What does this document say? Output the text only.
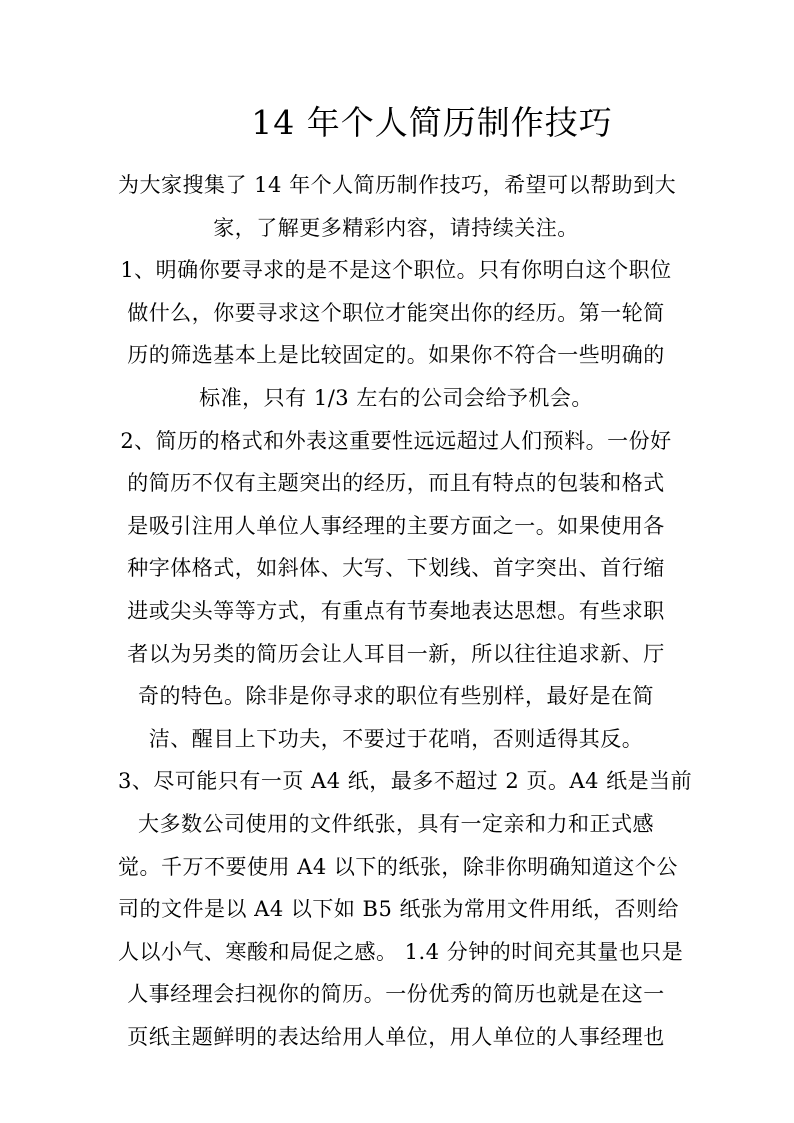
14 年个人简历制作技巧
为大家搜集了 14 年个人简历制作技巧，希望可以帮助到大
家，了解更多精彩内容，请持续关注。
1、明确你要寻求的是不是这个职位。只有你明白这个职位
做什么，你要寻求这个职位才能突出你的经历。第一轮简
历的筛选基本上是比较固定的。如果你不符合一些明确的
标准，只有 1/3 左右的公司会给予机会。
2、简历的格式和外表这重要性远远超过人们预料。一份好
的简历不仅有主题突出的经历，而且有特点的包装和格式
是吸引注用人单位人事经理的主要方面之一。如果使用各
种字体格式，如斜体、大写、下划线、首字突出、首行缩
进或尖头等等方式，有重点有节奏地表达思想。有些求职
者以为另类的简历会让人耳目一新，所以往往追求新、厅
奇的特色。除非是你寻求的职位有些别样，最好是在简
洁、醒目上下功夫，不要过于花哨，否则适得其反。
3、尽可能只有一页 A4 纸，最多不超过 2 页。A4 纸是当前
大多数公司使用的文件纸张，具有一定亲和力和正式感
觉。千万不要使用 A4 以下的纸张，除非你明确知道这个公
司的文件是以 A4 以下如 B5 纸张为常用文件用纸，否则给
人以小气、寒酸和局促之感。 1.4 分钟的时间充其量也只是
人事经理会扫视你的简历。一份优秀的简历也就是在这一
页纸主题鲜明的表达给用人单位，用人单位的人事经理也
